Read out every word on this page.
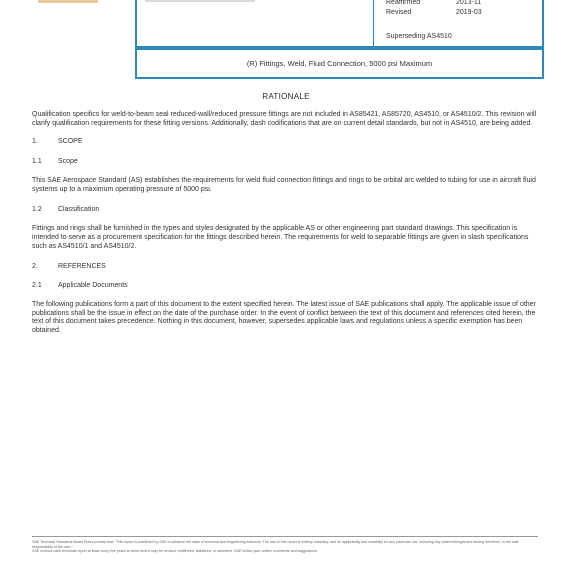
Reaffirmed	2013-11
Revised	2019-03
Superseding AS4510
(R) Fittings, Weld, Fluid Connection, 5000 psi Maximum
RATIONALE

Qualification specifics for weld-to-beam seal reduced-wall/reduced pressure fittings are not included in AS85421, AS85720, AS4510, or AS4510/2. This revision will clarify qualification requirements for these fitting versions. Additionally, dash codifications that are on current detail standards, but not in AS4510, are being added.

1.	SCOPE

1.1 Scope

This SAE Aerospace Standard (AS) establishes the requirements for weld fluid connection fittings and rings to be orbital arc welded to tubing for use in aircraft fluid systems up to a maximum operating pressure of 5000 psi.

1.2 Classification

Fittings and rings shall be furnished in the types and styles designated by the applicable AS or other engineering part standard drawings. This specification is intended to serve as a procurement specification for the fittings described herein. The requirements for weld to separable fittings are given in slash specifications such as AS4510/1 and AS4510/2.

2.	REFERENCES

2.1 Applicable Documents

The following publications form a part of this document to the extent specified herein. The latest issue of SAE publications shall apply. The applicable issue of other publications shall be the issue in effect on the date of the purchase order. In the event of conflict between the text of this document and references cited herein, the text of this document takes precedence. Nothing in this document, however, supersedes applicable laws and regulations unless a specific exemption has been obtained.

SAE Technical Standards Board Rules provide that: "This report is published by SAE to advance the state of technical and engineering sciences. The use of this report is entirely voluntary, and its applicability and suitability for any particular use, including any patent infringement arising therefrom, is the sole responsibility of the user."

SAE reviews each technical report at least every five years at which time it may be revised, reaffirmed, stabilized, or cancelled. SAE invites your written comments and suggestions.
